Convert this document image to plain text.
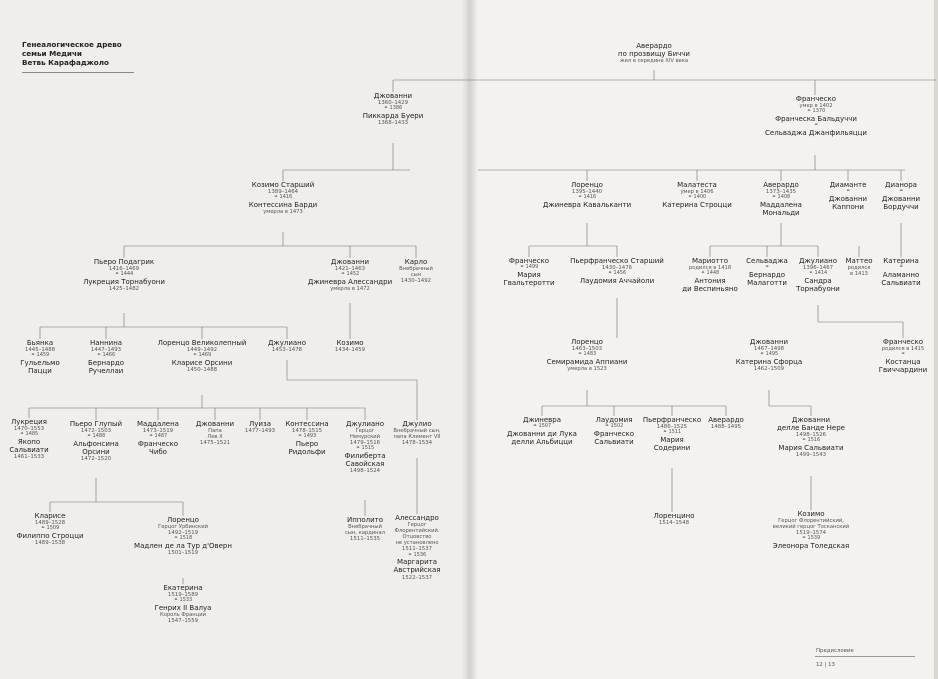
Генеалогическое древо
семьи Медичи
Ветвь Карафаджоло
Аверардо
по прозвищу Биччи
жил в середине XIV века
Джованни
1360–1429
⚭ 1386
Пиккарда Буери
1368–1433
Франческо
умер в 1402
⚭ 1370
Франческа Бальдуччи
⚭
Сельваджа Джанфильяцци
Козимо Старший
1389–1464
⚭ 1416
Контессина Барди
умерла в 1473
Лоренцо
1395–1440
⚭ 1416
Джиневра Кавальканти
Малатеста
умер в 1406
⚭ 1400
Катерина Строцци
Аверардо
1373–1435
⚭ 1408
Маддалена Мональди
Диаманте
⚭
Джованни
Каппони
Дианора
⚭
Джованни
Бордуччи
Пьеро Подагрик
1416–1469
⚭ 1444
Лукреция Торнабуони
1425–1482
Джованни
1421–1463
⚭ 1452
Джиневра Алессандри
умерла в 1472
Карло
Внебрачный
сын
1430–1492
Франческо
⚭ 1499
Мария
Гвальтеротти
Пьерфранческо Старший
1430–1476
⚭ 1456
Лаудомия Аччайоли
Мариотто
родился в 1418
⚭ 1448
Антония
ди Веспиньяно
Сельваджа
⚭
Бернардо
Малаготти
Джулиано
1396–1467
⚭ 1414
Сандра
Торнабуони
Маттео
родился
в 1413
Катерина
⚭
Аламанно
Сальвиати
Бьянка
1445–1488
⚭ 1459
Гульельмо
Пацци
Наннина
1447–1493
⚭ 1466
Бернардо
Ручеллаи
Лоренцо Великолепный
1449–1492
⚭ 1469
Кларисе Орсини
1450–1488
Джулиано
1453–1478
Козимо
1434–1459
Лоренцо
1463–1503
⚭ 1483
Семирамида Аппиани
умерла в 1523
Джованни
1467–1498
⚭ 1495
Катерина Сфорца
1462–1509
Франческо
родился в 1415
⚭
Костанца
Гвиччардини
Лукреция
1470–1553
⚭ 1485
Якопо
Сальвиати
1461–1533
Пьеро Глупый
1472–1503
⚭ 1488
Альфонсина
Орсини
1472–1520
Маддалена
1473–1519
⚭ 1487
Франческо
Чибо
Джованни
Папа
Лев X
1475–1521
Луиза
1477–1493
Контессина
1478–1515
⚭ 1493
Пьеро
Ридольфи
Джулиано
Герцог
Немурский
1479–1516
⚭ 1515
Филиберта
Савойская
1498–1524
Джулио
Внебрачный сын,
папа Климент VII
1478–1534
Джиневра
⚭ 1507
Джованни ди Лука
делли Альбицци
Лаудомия
⚭ 1502
Франческо
Сальвиати
Пьерфранческо
1486–1525
⚭ 1511
Мария
Содерини
Аверардо
1488–1495
Джованни
делле Банде Нере
1498–1526
⚭ 1516
Мария Сальвиати
1499–1543
Кларисе
1489–1528
⚭ 1509
Филиппо Строцци
1489–1538
Лоренцо
Герцог Урбинский
1492–1519
⚭ 1518
Мадлен де ла Тур д'Оверн
1501–1519
Ипполито
Внебрачный
сын, кардинал
1511–1535
Алессандро
Герцог
Флорентийский.
Отцовство
не установлено
1511–1537
⚭ 1536
Маргарита
Австрийская
1522–1537
Лоренцино
1514–1548
Козимо
Герцог Флорентийский,
великий герцог Тосканский
1519–1574
⚭ 1539
Элеонора Толедская
Екатерина
1519–1589
⚭ 1533
Генрих II Валуа
Король Франции
1547–1559
Предисловие
12 | 13
